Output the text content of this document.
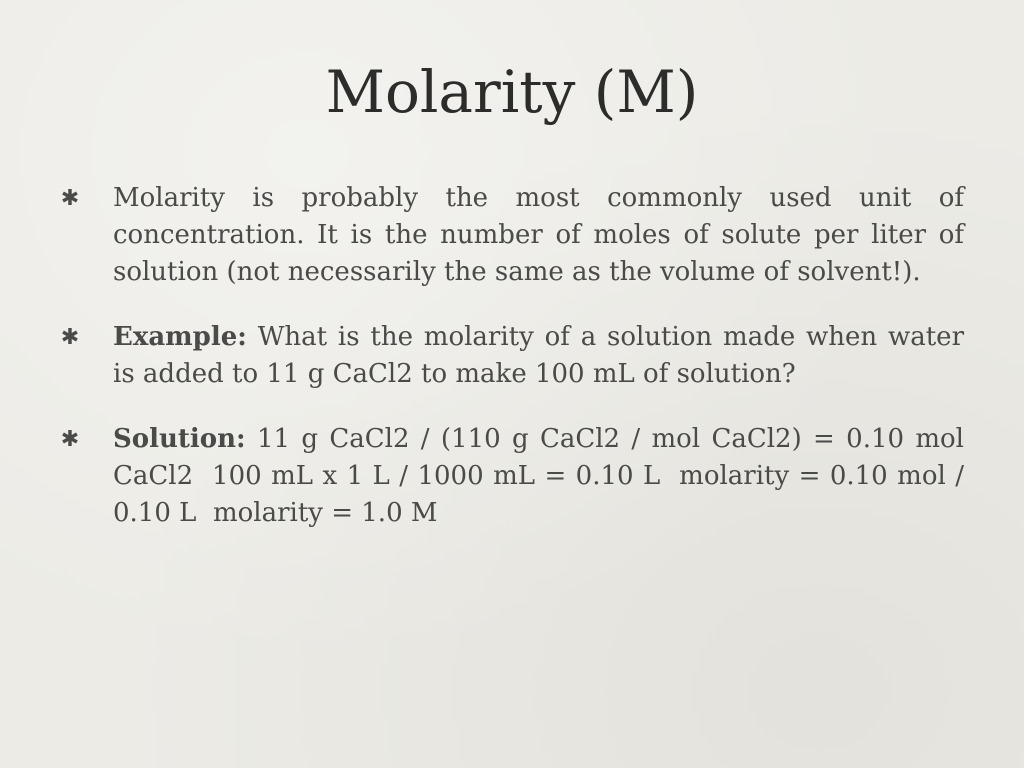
Molarity (M)
✱ Molarity is probably the most commonly used unit of concentration. It is the number of moles of solute per liter of solution (not necessarily the same as the volume of solvent!).
✱ Example: What is the molarity of a solution made when water is added to 11 g CaCl2 to make 100 mL of solution?
✱ Solution: 11 g CaCl2 / (110 g CaCl2 / mol CaCl2) = 0.10 mol CaCl2  100 mL x 1 L / 1000 mL = 0.10 L  molarity = 0.10 mol / 0.10 L  molarity = 1.0 M
